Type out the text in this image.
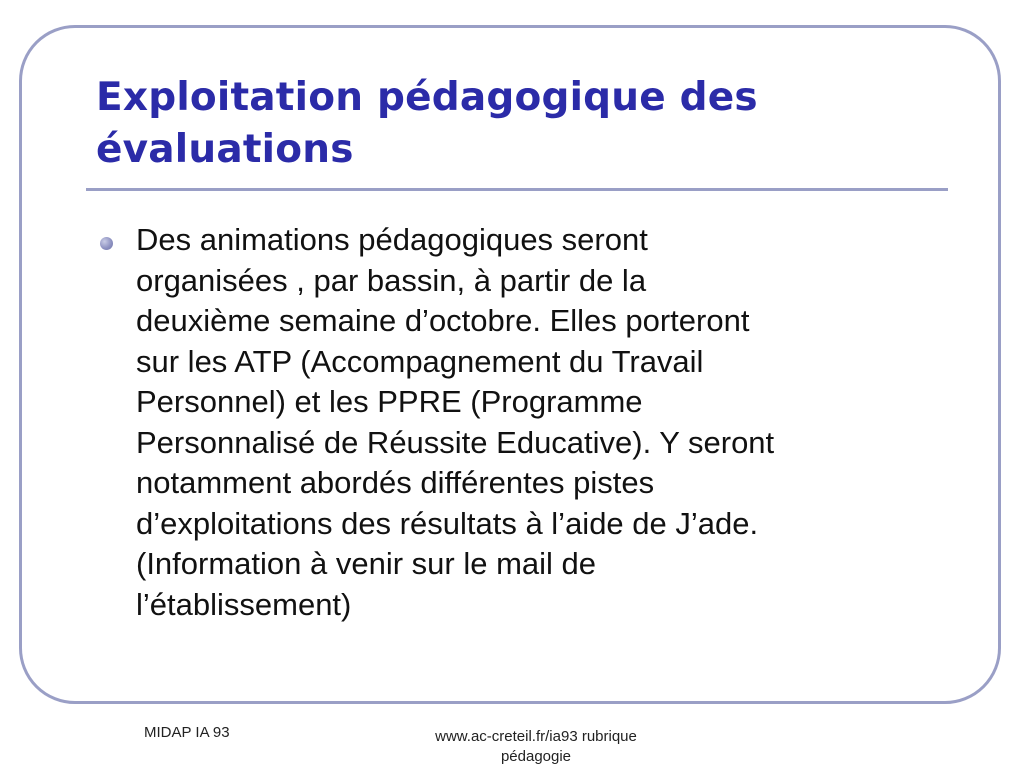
Exploitation pédagogique des
évaluations

Des animations pédagogiques seront
organisées , par bassin, à partir de la
deuxième semaine d’octobre. Elles porteront
sur les ATP (Accompagnement du Travail
Personnel) et les PPRE (Programme
Personnalisé de Réussite Educative). Y seront
notamment abordés différentes pistes
d’exploitations des résultats à l’aide de J’ade.
(Information à venir sur le mail de
l’établissement)

MIDAP IA 93	www.ac-creteil.fr/ia93 rubrique
pédagogie
